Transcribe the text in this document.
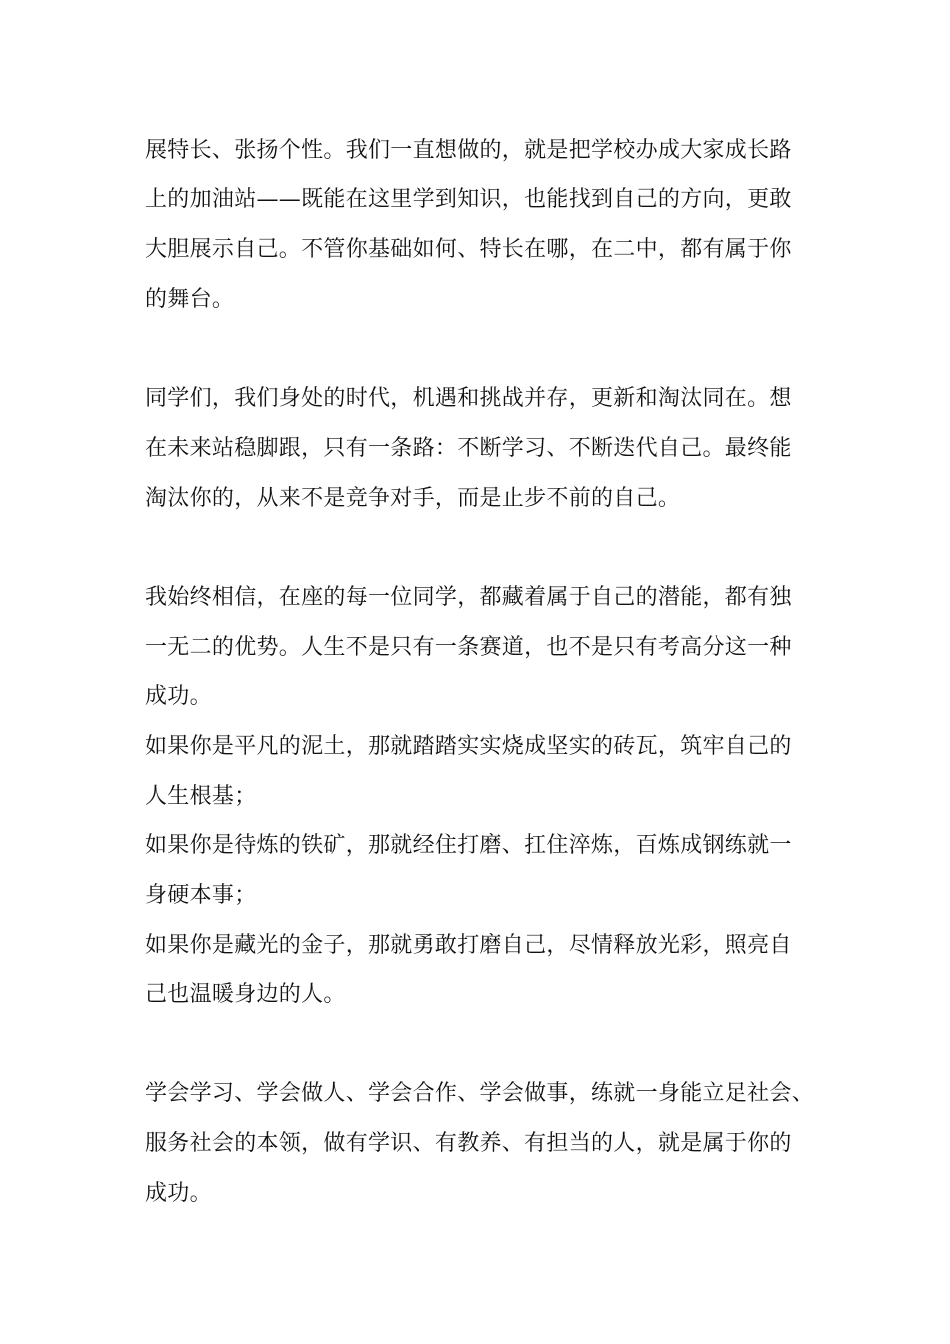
展特长、张扬个性。我们一直想做的，就是把学校办成大家成长路
上的加油站——既能在这里学到知识，也能找到自己的方向，更敢
大胆展示自己。不管你基础如何、特长在哪，在二中，都有属于你
的舞台。
同学们，我们身处的时代，机遇和挑战并存，更新和淘汰同在。想
在未来站稳脚跟，只有一条路：不断学习、不断迭代自己。最终能
淘汰你的，从来不是竞争对手，而是止步不前的自己。
我始终相信，在座的每一位同学，都藏着属于自己的潜能，都有独
一无二的优势。人生不是只有一条赛道，也不是只有考高分这一种
成功。
如果你是平凡的泥土，那就踏踏实实烧成坚实的砖瓦，筑牢自己的
人生根基；
如果你是待炼的铁矿，那就经住打磨、扛住淬炼，百炼成钢练就一
身硬本事；
如果你是藏光的金子，那就勇敢打磨自己，尽情释放光彩，照亮自
己也温暖身边的人。
学会学习、学会做人、学会合作、学会做事，练就一身能立足社会、
服务社会的本领，做有学识、有教养、有担当的人，就是属于你的
成功。
